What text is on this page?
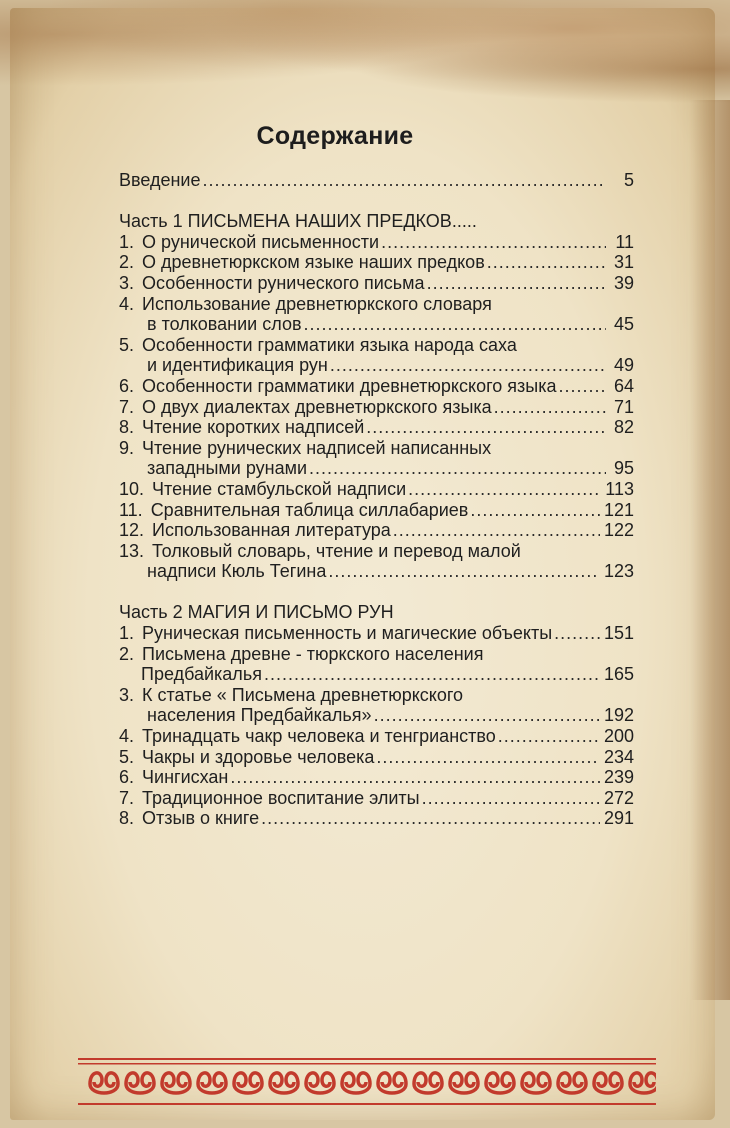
Содержание
Введение .....	5
Часть 1 ПИСЬМЕНА НАШИХ ПРЕДКОВ.....
1. О рунической письменности .....	11
2. О древнетюркском языке наших предков .....	31
3. Особенности рунического письма .....	39
4. Использование древнетюркского словаря
в толковании слов .....	45
5. Особенности грамматики языка народа саха
и идентификация рун .....	49
6. Особенности грамматики древнетюркского языка .....	64
7. О двух диалектах древнетюркского языка .....	71
8. Чтение коротких надписей .....	82
9. Чтение рунических надписей написанных
западными рунами .....	95
10. Чтение стамбульской надписи .....	113
11. Сравнительная таблица силлабариев .....	121
12. Использованная литература .....	122
13. Толковый словарь, чтение и перевод малой
надписи Кюль Тегина .....	123
Часть 2 МАГИЯ И ПИСЬМО РУН
1. Руническая письменность и магические объекты .....	151
2. Письмена древне - тюркского населения
Предбайкалья .....	165
3. К статье « Письмена древнетюркского
населения Предбайкалья» .....	192
4. Тринадцать чакр человека и тенгрианство .....	200
5. Чакры и здоровье человека .....	234
6. Чингисхан .....	239
7. Традиционное воспитание элиты .....	272
8. Отзыв о книге .....	291
